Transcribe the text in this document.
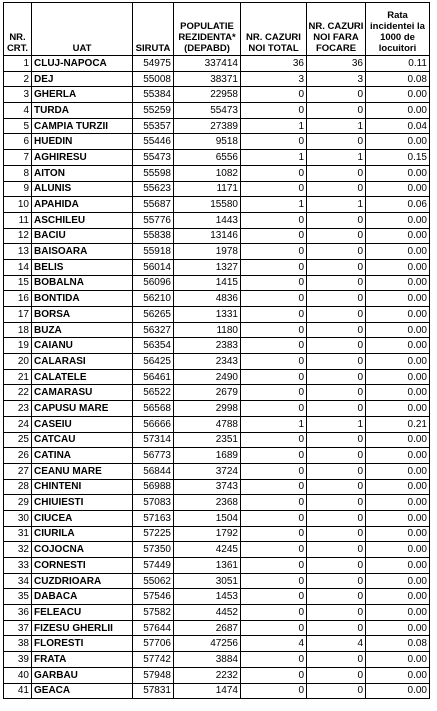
NR. CRT.	UAT	SIRUTA	POPULATIE REZIDENTA* (DEPABD)	NR. CAZURI NOI TOTAL	NR. CAZURI NOI FARA FOCARE	Rata incidentei la 1000 de locuitori
1	CLUJ-NAPOCA	54975	337414	36	36	0.11
2	DEJ	55008	38371	3	3	0.08
3	GHERLA	55384	22958	0	0	0.00
4	TURDA	55259	55473	0	0	0.00
5	CAMPIA TURZII	55357	27389	1	1	0.04
6	HUEDIN	55446	9518	0	0	0.00
7	AGHIRESU	55473	6556	1	1	0.15
8	AITON	55598	1082	0	0	0.00
9	ALUNIS	55623	1171	0	0	0.00
10	APAHIDA	55687	15580	1	1	0.06
11	ASCHILEU	55776	1443	0	0	0.00
12	BACIU	55838	13146	0	0	0.00
13	BAISOARA	55918	1978	0	0	0.00
14	BELIS	56014	1327	0	0	0.00
15	BOBALNA	56096	1415	0	0	0.00
16	BONTIDA	56210	4836	0	0	0.00
17	BORSA	56265	1331	0	0	0.00
18	BUZA	56327	1180	0	0	0.00
19	CAIANU	56354	2383	0	0	0.00
20	CALARASI	56425	2343	0	0	0.00
21	CALATELE	56461	2490	0	0	0.00
22	CAMARASU	56522	2679	0	0	0.00
23	CAPUSU MARE	56568	2998	0	0	0.00
24	CASEIU	56666	4788	1	1	0.21
25	CATCAU	57314	2351	0	0	0.00
26	CATINA	56773	1689	0	0	0.00
27	CEANU MARE	56844	3724	0	0	0.00
28	CHINTENI	56988	3743	0	0	0.00
29	CHIUIESTI	57083	2368	0	0	0.00
30	CIUCEA	57163	1504	0	0	0.00
31	CIURILA	57225	1792	0	0	0.00
32	COJOCNA	57350	4245	0	0	0.00
33	CORNESTI	57449	1361	0	0	0.00
34	CUZDRIOARA	55062	3051	0	0	0.00
35	DABACA	57546	1453	0	0	0.00
36	FELEACU	57582	4452	0	0	0.00
37	FIZESU GHERLII	57644	2687	0	0	0.00
38	FLORESTI	57706	47256	4	4	0.08
39	FRATA	57742	3884	0	0	0.00
40	GARBAU	57948	2232	0	0	0.00
41	GEACA	57831	1474	0	0	0.00
